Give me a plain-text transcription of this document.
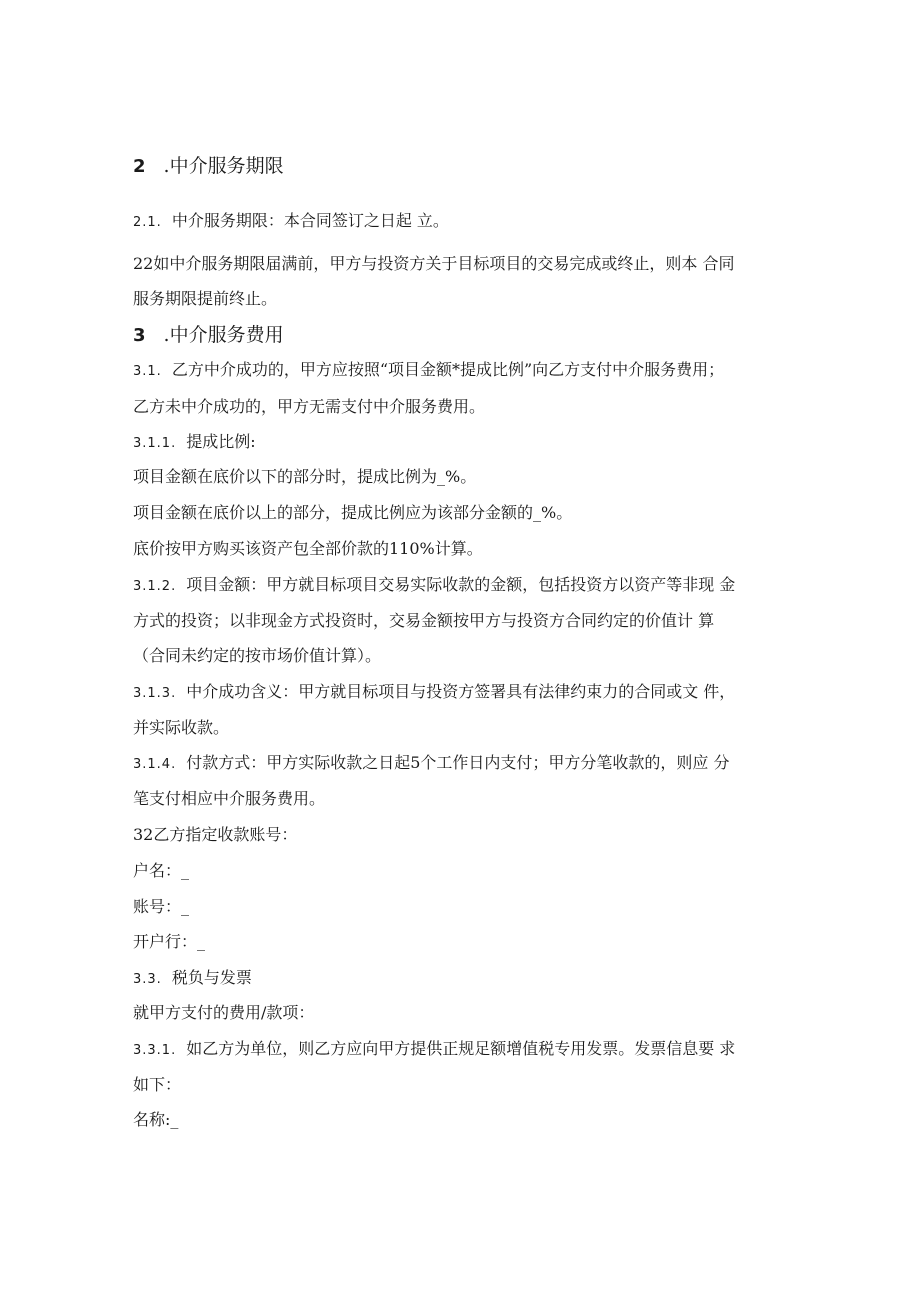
2 .中介服务期限
2.1. 中介服务期限：本合同签订之日起 立。
22如中介服务期限届满前，甲方与投资方关于目标项目的交易完成或终止，则本 合同
服务期限提前终止。
3 .中介服务费用
3.1. 乙方中介成功的，甲方应按照“项目金额*提成比例”向乙方支付中介服务费用；
乙方未中介成功的，甲方无需支付中介服务费用。
3.1.1. 提成比例:
项目金额在底价以下的部分时，提成比例为_%。
项目金额在底价以上的部分，提成比例应为该部分金额的_%。
底价按甲方购买该资产包全部价款的110%计算。
3.1.2. 项目金额：甲方就目标项目交易实际收款的金额，包括投资方以资产等非现 金
方式的投资；以非现金方式投资时，交易金额按甲方与投资方合同约定的价值计 算
（合同未约定的按市场价值计算）。
3.1.3. 中介成功含义：甲方就目标项目与投资方签署具有法律约束力的合同或文 件，
并实际收款。
3.1.4. 付款方式：甲方实际收款之日起5个工作日内支付；甲方分笔收款的，则应 分
笔支付相应中介服务费用。
32乙方指定收款账号：
户名：_
账号：_
开户行：_
3.3. 税负与发票
就甲方支付的费用/款项：
3.3.1. 如乙方为单位，则乙方应向甲方提供正规足额增值税专用发票。发票信息要 求
如下：
名称:_
